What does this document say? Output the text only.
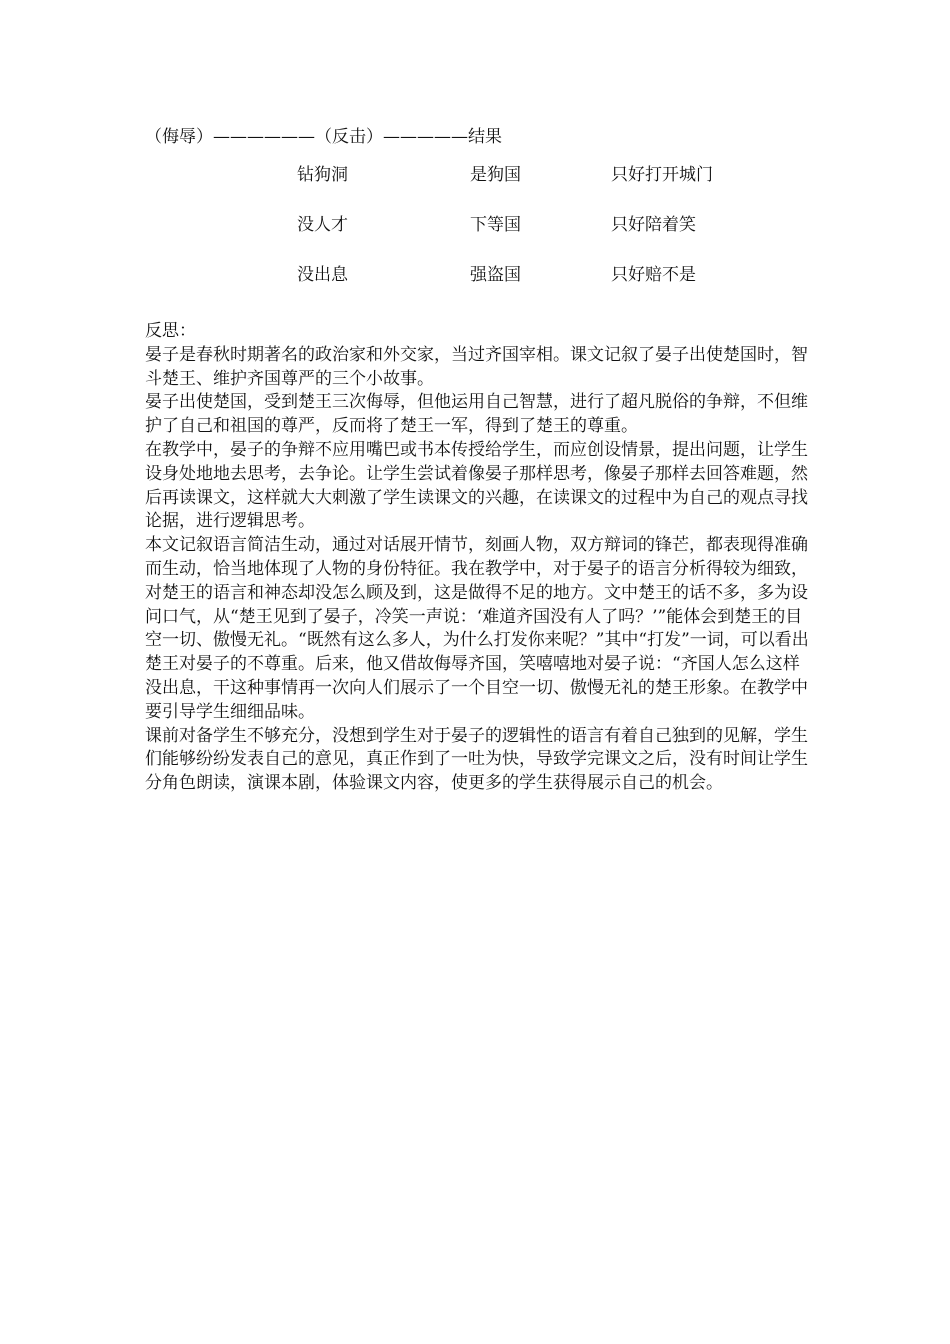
（侮辱）——————（反击）—————结果
钻狗洞	是狗国	只好打开城门
没人才	下等国	只好陪着笑
没出息	强盗国	只好赔不是

反思：

晏子是春秋时期著名的政治家和外交家，当过齐国宰相。课文记叙了晏子出使楚国时，智斗楚王、维护齐国尊严的三个小故事。

晏子出使楚国，受到楚王三次侮辱，但他运用自己智慧，进行了超凡脱俗的争辩，不但维护了自己和祖国的尊严，反而将了楚王一军，得到了楚王的尊重。

在教学中，晏子的争辩不应用嘴巴或书本传授给学生，而应创设情景，提出问题，让学生设身处地地去思考，去争论。让学生尝试着像晏子那样思考，像晏子那样去回答难题，然后再读课文，这样就大大刺激了学生读课文的兴趣，在读课文的过程中为自己的观点寻找论据，进行逻辑思考。

本文记叙语言简洁生动，通过对话展开情节，刻画人物，双方辩词的锋芒，都表现得准确而生动，恰当地体现了人物的身份特征。我在教学中，对于晏子的语言分析得较为细致，对楚王的语言和神态却没怎么顾及到，这是做得不足的地方。文中楚王的话不多，多为设问口气，从“楚王见到了晏子，冷笑一声说：‘难道齐国没有人了吗？’”能体会到楚王的目空一切、傲慢无礼。“既然有这么多人，为什么打发你来呢？”其中“打发”一词，可以看出楚王对晏子的不尊重。后来，他又借故侮辱齐国，笑嘻嘻地对晏子说：“齐国人怎么这样没出息，干这种事情再一次向人们展示了一个目空一切、傲慢无礼的楚王形象。在教学中要引导学生细细品味。

课前对备学生不够充分，没想到学生对于晏子的逻辑性的语言有着自己独到的见解，学生们能够纷纷发表自己的意见，真正作到了一吐为快，导致学完课文之后，没有时间让学生分角色朗读，演课本剧，体验课文内容，使更多的学生获得展示自己的机会。
